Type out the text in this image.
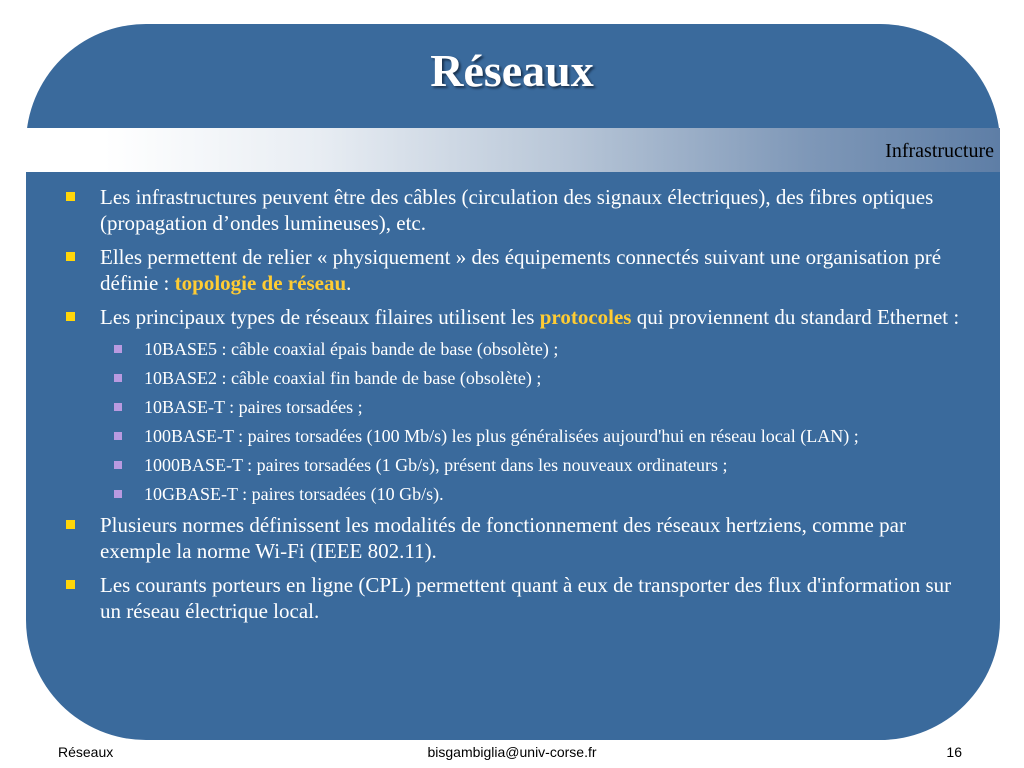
Réseaux
Infrastructure
Les infrastructures peuvent être des câbles (circulation des signaux électriques), des fibres optiques (propagation d’ondes lumineuses), etc.
Elles permettent de relier « physiquement » des équipements connectés suivant une organisation pré définie : topologie de réseau.
Les principaux types de réseaux filaires utilisent les protocoles qui proviennent du standard Ethernet :
10BASE5 : câble coaxial épais bande de base (obsolète) ;
10BASE2 : câble coaxial fin bande de base (obsolète) ;
10BASE-T : paires torsadées ;
100BASE-T : paires torsadées (100 Mb/s) les plus généralisées aujourd'hui en réseau local (LAN) ;
1000BASE-T : paires torsadées (1 Gb/s), présent dans les nouveaux ordinateurs ;
10GBASE-T : paires torsadées (10 Gb/s).
Plusieurs normes définissent les modalités de fonctionnement des réseaux hertziens, comme par exemple la norme Wi-Fi (IEEE 802.11).
Les courants porteurs en ligne (CPL) permettent quant à eux de transporter des flux d'information sur un réseau électrique local.
Réseaux	bisgambiglia@univ-corse.fr	16
